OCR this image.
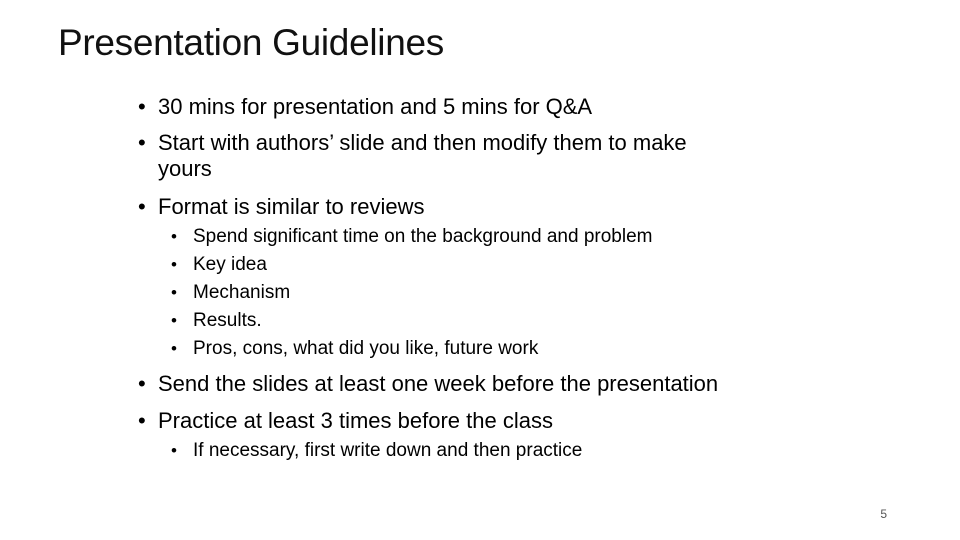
Presentation Guidelines
• 30 mins for presentation and 5 mins for Q&A
• Start with authors’ slide and then modify them to make
yours
• Format is similar to reviews
• Spend significant time on the background and problem
• Key idea
• Mechanism
• Results.
• Pros, cons, what did you like, future work
• Send the slides at least one week before the presentation
• Practice at least 3 times before the class
• If necessary, first write down and then practice
5
